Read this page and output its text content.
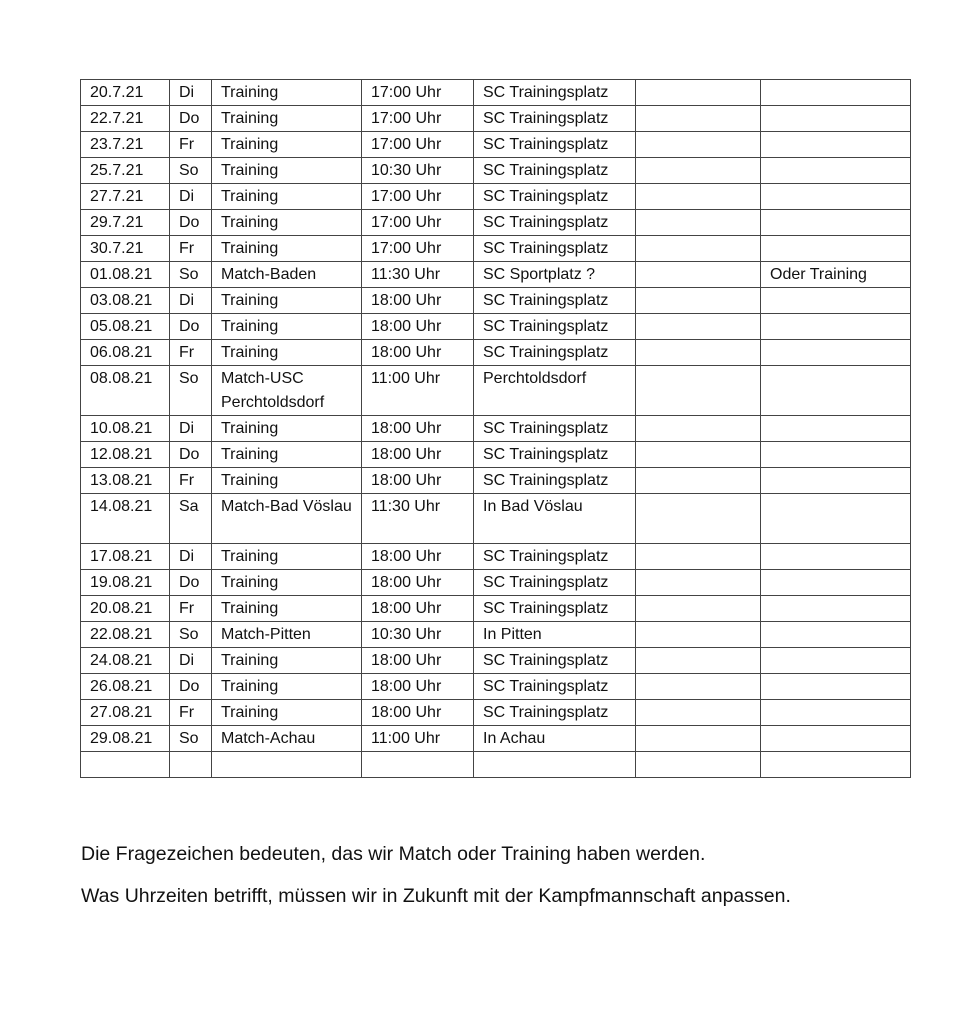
20.7.21	Di	Training	17:00 Uhr	SC Trainingsplatz		
22.7.21	Do	Training	17:00 Uhr	SC Trainingsplatz		
23.7.21	Fr	Training	17:00 Uhr	SC Trainingsplatz		
25.7.21	So	Training	10:30 Uhr	SC Trainingsplatz		
27.7.21	Di	Training	17:00 Uhr	SC Trainingsplatz		
29.7.21	Do	Training	17:00 Uhr	SC Trainingsplatz		
30.7.21	Fr	Training	17:00 Uhr	SC Trainingsplatz		
01.08.21	So	Match-Baden	11:30 Uhr	SC Sportplatz ?		Oder Training
03.08.21	Di	Training	18:00 Uhr	SC Trainingsplatz		
05.08.21	Do	Training	18:00 Uhr	SC Trainingsplatz		
06.08.21	Fr	Training	18:00 Uhr	SC Trainingsplatz		
08.08.21	So	Match-USC Perchtoldsdorf	11:00 Uhr	Perchtoldsdorf		
10.08.21	Di	Training	18:00 Uhr	SC Trainingsplatz		
12.08.21	Do	Training	18:00 Uhr	SC Trainingsplatz		
13.08.21	Fr	Training	18:00 Uhr	SC Trainingsplatz		
14.08.21	Sa	Match-Bad Vöslau	11:30 Uhr	In Bad Vöslau		
17.08.21	Di	Training	18:00 Uhr	SC Trainingsplatz		
19.08.21	Do	Training	18:00 Uhr	SC Trainingsplatz		
20.08.21	Fr	Training	18:00 Uhr	SC Trainingsplatz		
22.08.21	So	Match-Pitten	10:30 Uhr	In Pitten		
24.08.21	Di	Training	18:00 Uhr	SC Trainingsplatz		
26.08.21	Do	Training	18:00 Uhr	SC Trainingsplatz		
27.08.21	Fr	Training	18:00 Uhr	SC Trainingsplatz		
29.08.21	So	Match-Achau	11:00 Uhr	In Achau		

Die Fragezeichen bedeuten, das wir Match oder Training haben werden.

Was Uhrzeiten betrifft, müssen wir in Zukunft mit der Kampfmannschaft anpassen.
